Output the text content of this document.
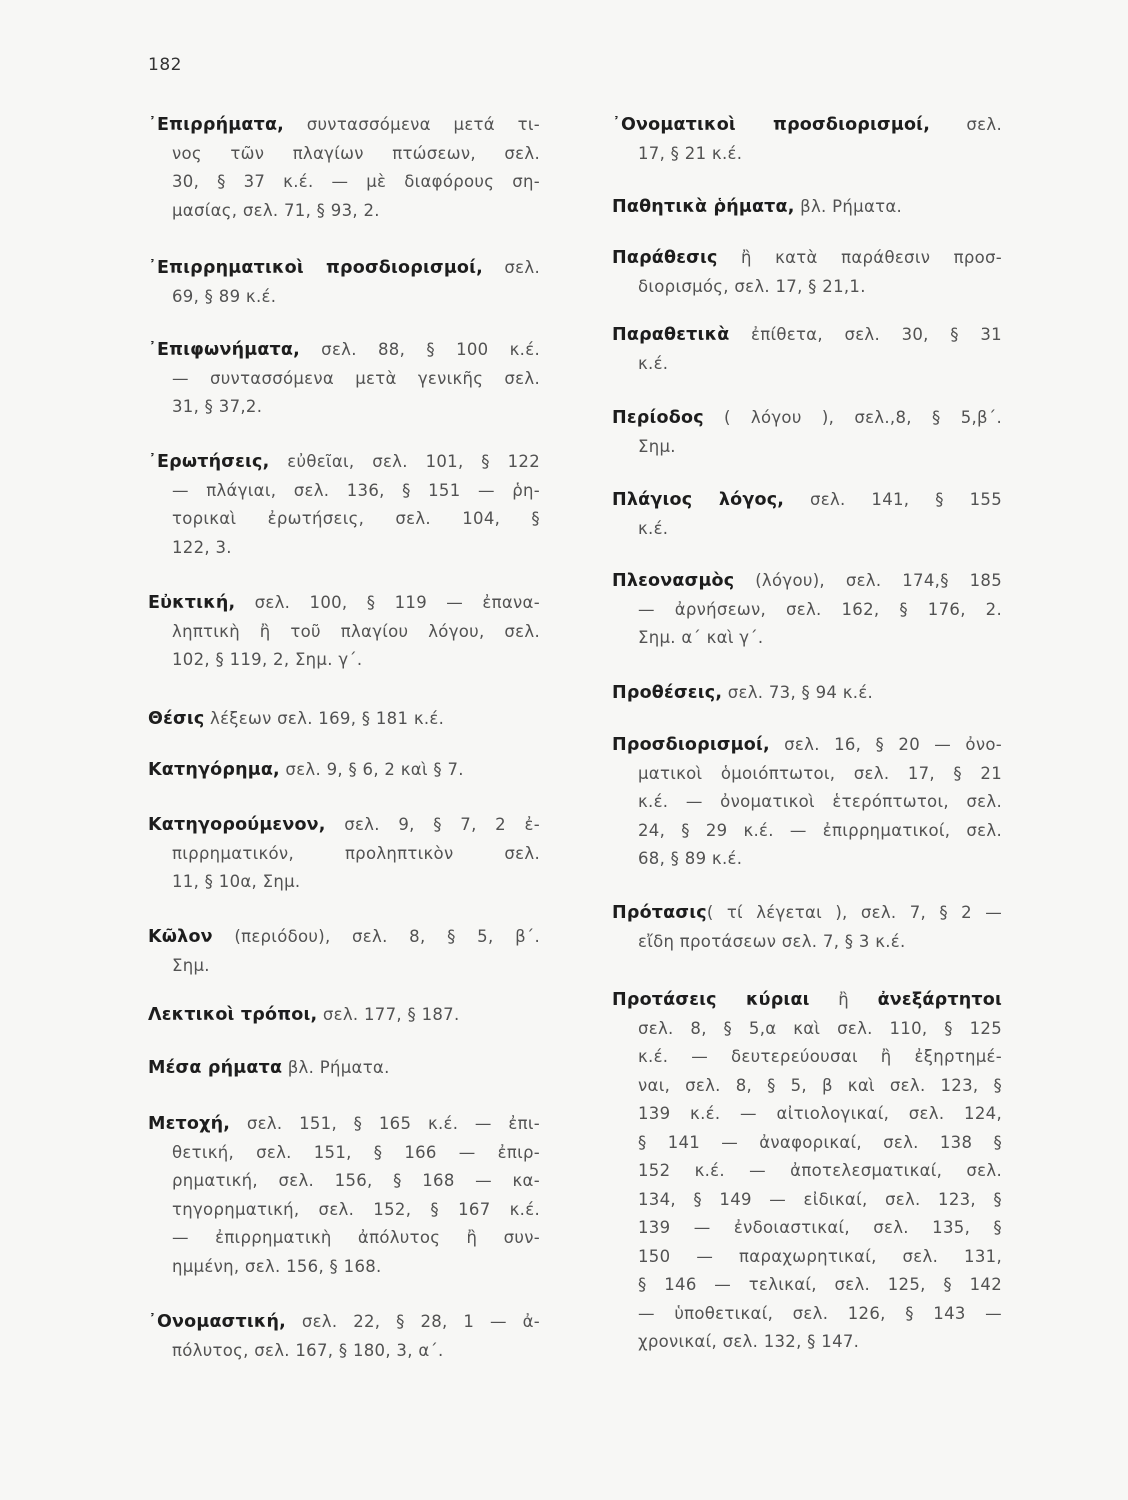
182
᾿Επιρρήματα, συντασσόμενα μετά τι-
νος τῶν πλαγίων πτώσεων, σελ.
30, § 37 κ.έ. — μὲ διαφόρους ση-
μασίας, σελ. 71, § 93, 2.
᾿Επιρρηματικοὶ προσδιορισμοί, σελ.
69, § 89 κ.έ.
᾿Επιφωνήματα, σελ. 88, § 100 κ.έ.
— συντασσόμενα μετὰ γενικῆς σελ.
31, § 37,2.
᾿Ερωτήσεις, εὐθεῖαι, σελ. 101, § 122
— πλάγιαι, σελ. 136, § 151 — ῥη-
τορικαὶ ἐρωτήσεις, σελ. 104, §
122, 3.
Εὐκτική, σελ. 100, § 119 — ἐπανα-
ληπτικὴ ἢ τοῦ πλαγίου λόγου, σελ.
102, § 119, 2, Σημ. γ΄.
Θέσις λέξεων σελ. 169, § 181 κ.έ.
Κατηγόρημα, σελ. 9, § 6, 2 καὶ § 7.
Κατηγορούμενον, σελ. 9, § 7, 2 ἐ-
πιρρηματικόν, προληπτικὸν σελ.
11, § 10α, Σημ.
Κῶλον (περιόδου), σελ. 8, § 5, β΄.
Σημ.
Λεκτικοὶ τρόποι, σελ. 177, § 187.
Μέσα ρήματα βλ. Ρήματα.
Μετοχή, σελ. 151, § 165 κ.έ. — ἐπι-
θετική, σελ. 151, § 166 — ἐπιρ-
ρηματική, σελ. 156, § 168 — κα-
τηγορηματική, σελ. 152, § 167 κ.έ.
— ἐπιρρηματικὴ ἀπόλυτος ἢ συν-
ημμένη, σελ. 156, § 168.
᾿Ονομαστική, σελ. 22, § 28, 1 — ἀ-
πόλυτος, σελ. 167, § 180, 3, α΄.
᾿Ονοματικοὶ προσδιορισμοί, σελ.
17, § 21 κ.έ.
Παθητικὰ ῥήματα, βλ. Ρήματα.
Παράθεσις ἢ κατὰ παράθεσιν προσ-
διορισμός, σελ. 17, § 21,1.
Παραθετικὰ ἐπίθετα, σελ. 30, § 31
κ.έ.
Περίοδος ( λόγου ), σελ.,8, § 5,β΄.
Σημ.
Πλάγιος λόγος, σελ. 141, § 155
κ.έ.
Πλεονασμὸς (λόγου), σελ. 174,§ 185
— ἀρνήσεων, σελ. 162, § 176, 2.
Σημ. α΄ καὶ γ΄.
Προθέσεις, σελ. 73, § 94 κ.έ.
Προσδιορισμοί, σελ. 16, § 20 — ὀνο-
ματικοὶ ὁμοιόπτωτοι, σελ. 17, § 21
κ.έ. — ὀνοματικοὶ ἑτερόπτωτοι, σελ.
24, § 29 κ.έ. — ἐπιρρηματικοί, σελ.
68, § 89 κ.έ.
Πρότασις( τί λέγεται ), σελ. 7, § 2 —
εἴδη προτάσεων σελ. 7, § 3 κ.έ.
Προτάσεις κύριαι ἢ ἀνεξάρτητοι
σελ. 8, § 5,α καὶ σελ. 110, § 125
κ.έ. — δευτερεύουσαι ἢ ἐξηρτημέ-
ναι, σελ. 8, § 5, β καὶ σελ. 123, §
139 κ.έ. — αἰτιολογικαί, σελ. 124,
§ 141 — ἀναφορικαί, σελ. 138 §
152 κ.έ. — ἀποτελεσματικαί, σελ.
134, § 149 — εἰδικαί, σελ. 123, §
139 — ἐνδοιαστικαί, σελ. 135, §
150 — παραχωρητικαί, σελ. 131,
§ 146 — τελικαί, σελ. 125, § 142
— ὑποθετικαί, σελ. 126, § 143 —
χρονικαί, σελ. 132, § 147.
